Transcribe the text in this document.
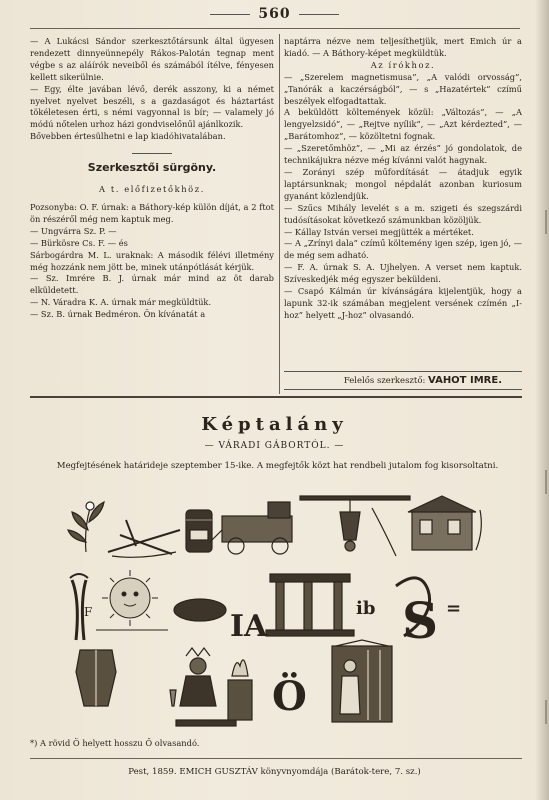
560

— A Lukácsi Sándor szerkesztőtársunk által ügyesen rendezett dinnyeünnepély Rákos-Palotán tegnap ment végbe s az aláírók neveiből és számából ítélve, fényesen kellett sikerülnie.

— Egy, élte javában lévő, derék asszony, ki a német nyelvet nyelvet beszéli, s a gazdaságot és háztartást tökéletesen érti, s némi vagyonnal is bír; — valamely jó módú nőtelen urhoz házi gondviselőnűl ajánlkozik.

Bővebben értesülhetni e lap kiadóhivatalában.

Szerkesztői sürgöny.

A t. előfizetőkhöz.

Pozsonyba: O. F. úrnak: a Báthory-kép külön díját, a 2 ftot ön részéről még nem kaptuk meg.

— Ungvárra Sz. P. —

— Bürkösre Cs. F. — és

Sárbogárdra M. L. uraknak: A második félévi illetmény még hozzánk nem jött be, minek utánpótlását kérjük.

— Sz. Imrére B. J. úrnak már mind az öt darab elküldetett.

— N. Váradra K. A. úrnak már megküldtük.

— Sz. B. úrnak Bedméron. Ön kívánatát a

naptárra nézve nem teljesíthetjük, mert Emich úr a kiadó. — A Báthory-képet megküldtük.

Az írókhoz.

— „Szerelem magnetismusa”, „A valódi orvosság”, „Tanórák a kaczérságból”, — s „Hazatértek” czímű beszélyek elfogadtattak.

A beküldött költemények közül: „Változás”, — „A lengyelzsidó”, — „Rejtve nyílik”, — „Azt kérdezted”, — „Barátomhoz”, — közöltetni fognak.

— „Szeretőmhöz”, — „Mi az érzés” jó gondolatok, de technikájukra nézve még kívánni valót hagynak.

— Zorányi szép műfordítását — átadjuk egyik laptársunknak; mongol népdalát azonban kuriosum gyanánt közlendjük.

— Szűcs Mihály levelét s a m. szigeti és szegszárdi tudósításokat következő számunkban közöljük.

— Kállay István versei megjütték a mértéket.

— A „Zrínyi dala” czímű költemény igen szép, igen jó, — de még sem adható.

— F. A. úrnak S. A. Ujhelyen. A verset nem kaptuk. Szíveskedjék még egyszer beküldeni.

— Csapó Kálmán úr kívánságára kijelentjük, hogy a lapunk 32-ik számában megjelent versének czímén „I-hoz” helyett „J-hoz” olvasandó.

Felelős szerkesztő: VAHOT IMRE.
Képtalány
— VÁRADI GÁBORTÓL. —
Megfejtésének határideje szeptember 15-ike. A megfejtők közt hat rendbeli jutalom fog kisorsoltatni.
F	IA
ib S =
Ö
*) A rövid Ö helyett hosszu Ő olvasandó.
Pest, 1859. EMICH GUSZTÁV könyvnyomdája (Barátok-tere, 7. sz.)
